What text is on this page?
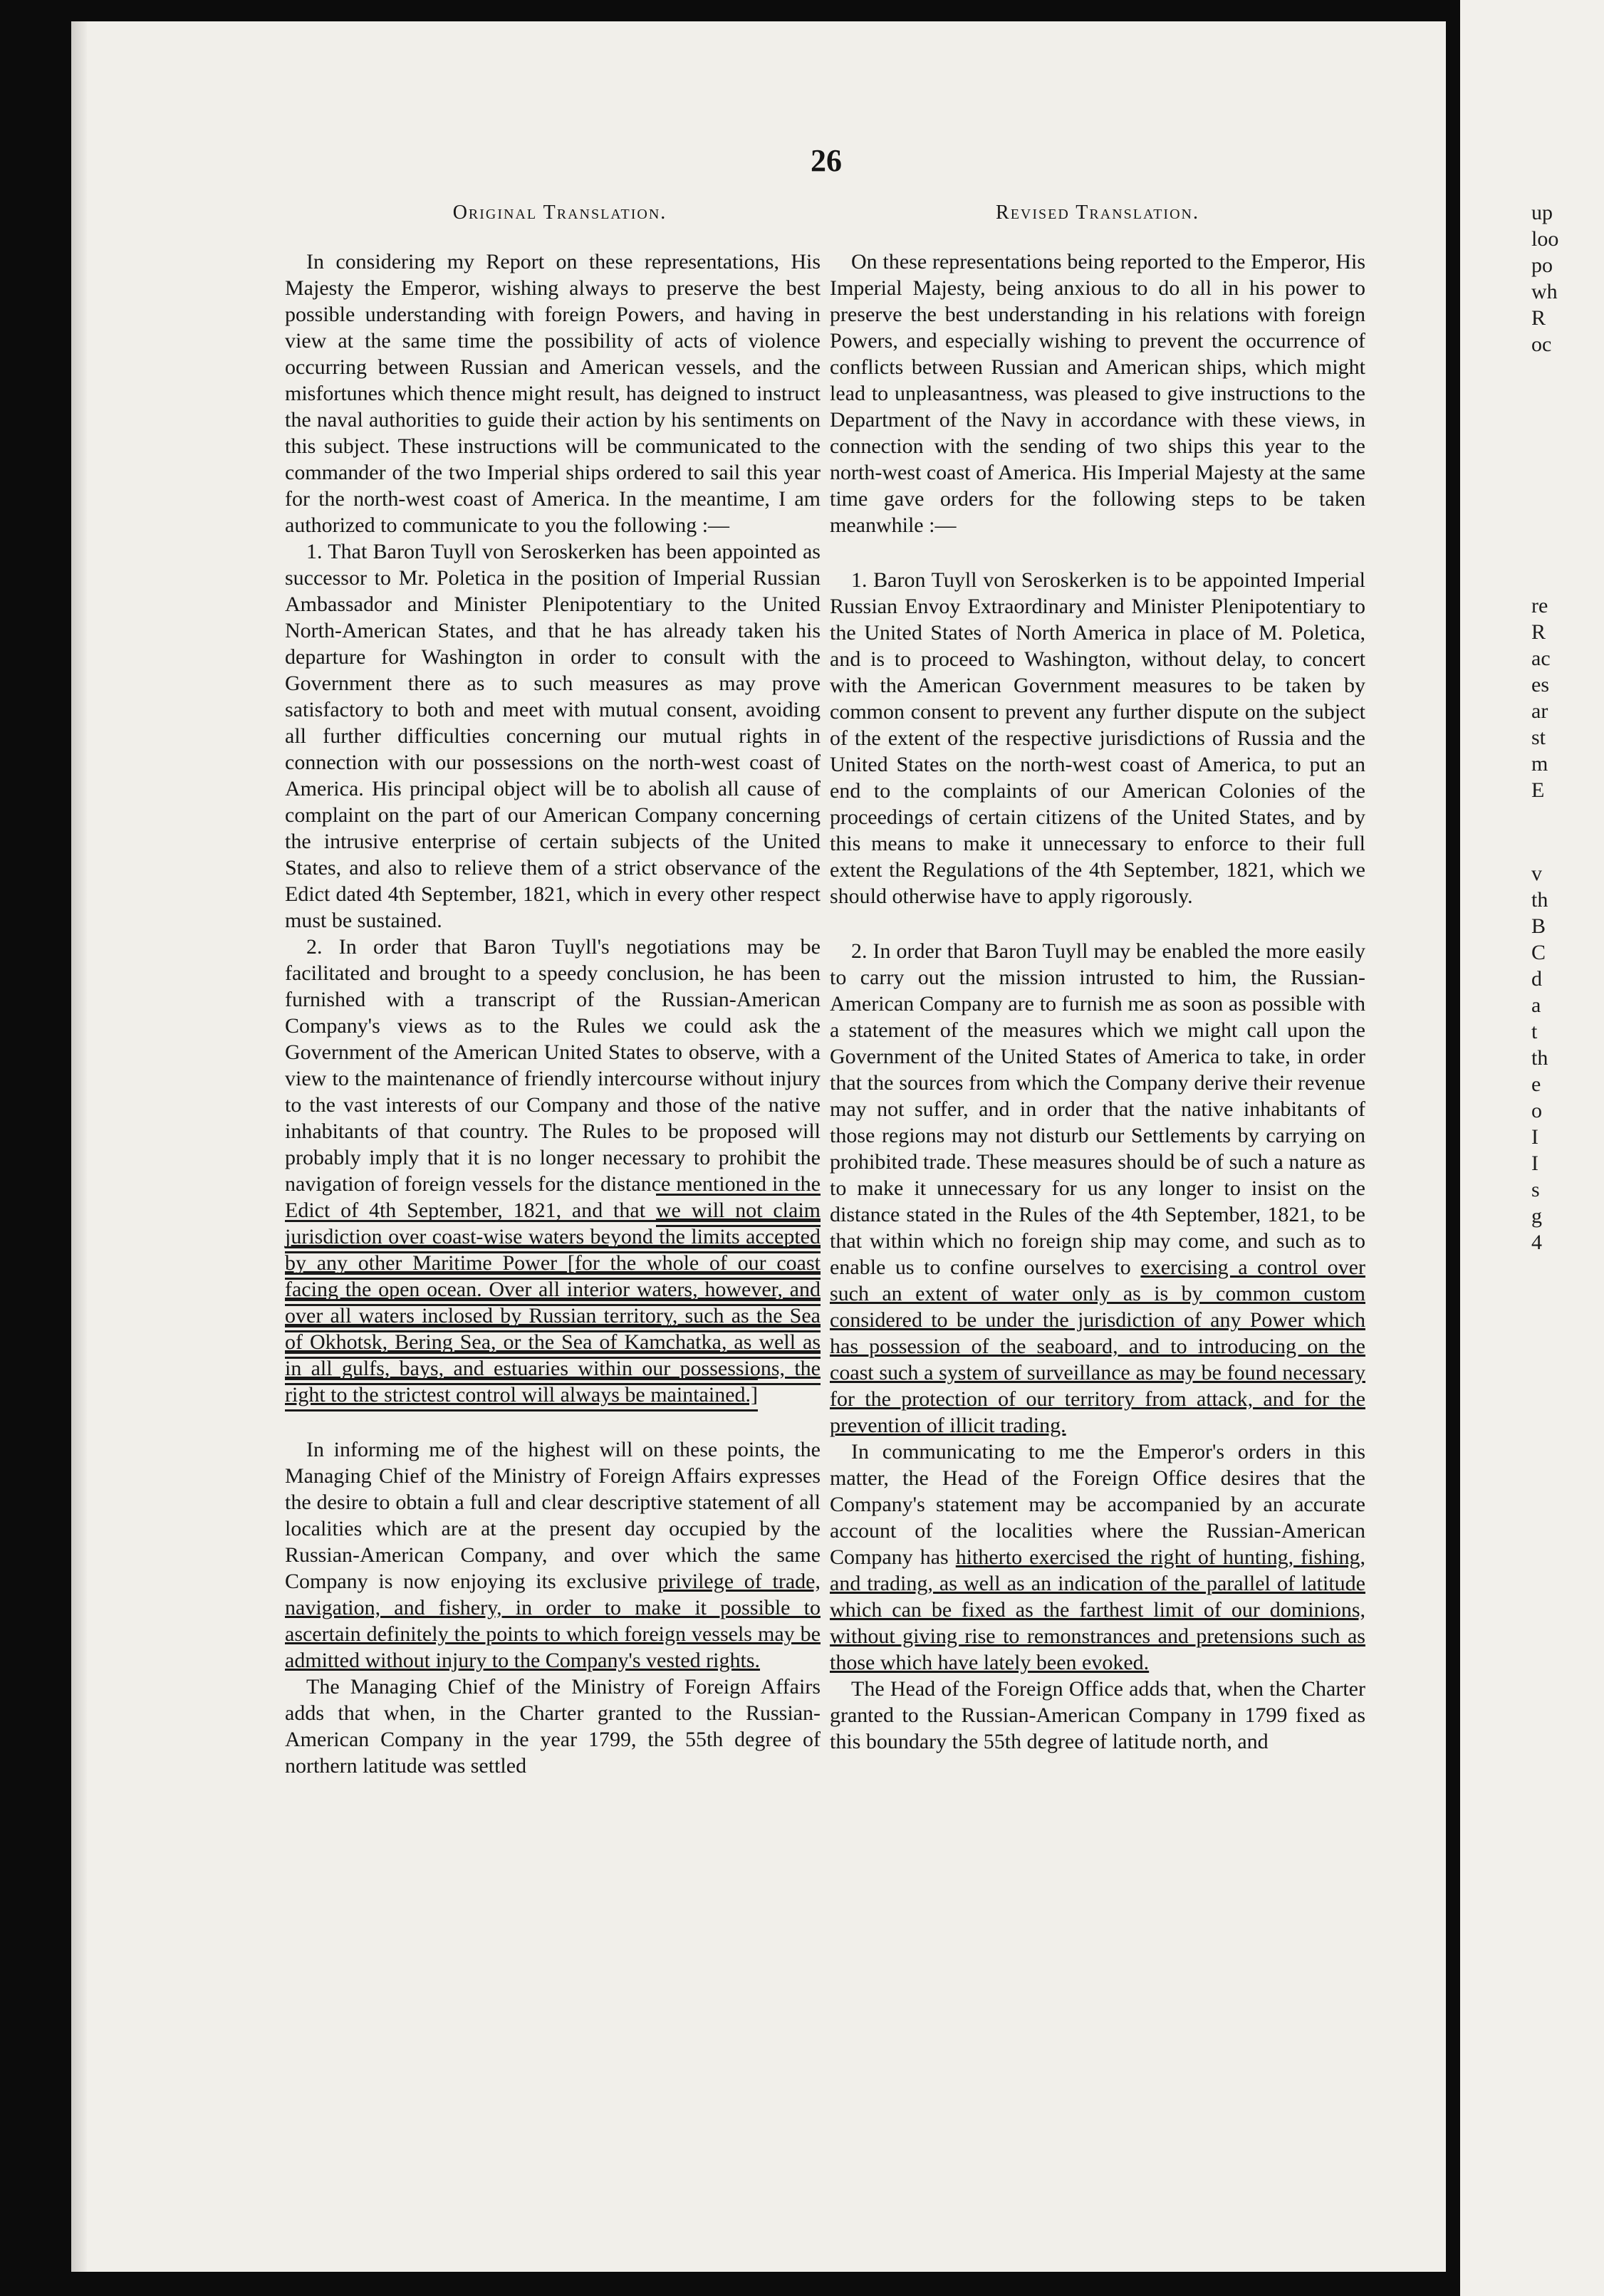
26
Original Translation.

In considering my Report on these representations, His Majesty the Emperor, wishing always to preserve the best possible understanding with foreign Powers, and having in view at the same time the possibility of acts of violence occurring between Russian and American vessels, and the misfortunes which thence might result, has deigned to instruct the naval authorities to guide their action by his sentiments on this subject. These instructions will be communicated to the commander of the two Imperial ships ordered to sail this year for the north-west coast of America. In the meantime, I am authorized to communicate to you the following :—

1. That Baron Tuyll von Seroskerken has been appointed as successor to Mr. Poletica in the position of Imperial Russian Ambassador and Minister Plenipotentiary to the United North-American States, and that he has already taken his departure for Washington in order to consult with the Government there as to such measures as may prove satisfactory to both and meet with mutual consent, avoiding all further difficulties concerning our mutual rights in connection with our possessions on the north-west coast of America. His principal object will be to abolish all cause of complaint on the part of our American Company concerning the intrusive enterprise of certain subjects of the United States, and also to relieve them of a strict observance of the Edict dated 4th September, 1821, which in every other respect must be sustained.

2. In order that Baron Tuyll's negotiations may be facilitated and brought to a speedy conclusion, he has been furnished with a transcript of the Russian-American Company's views as to the Rules we could ask the Government of the American United States to observe, with a view to the maintenance of friendly intercourse without injury to the vast interests of our Company and those of the native inhabitants of that country. The Rules to be proposed will probably imply that it is no longer necessary to prohibit the navigation of foreign vessels for the distance mentioned in the Edict of 4th September, 1821, and that we will not claim jurisdiction over coast-wise waters beyond the limits accepted by any other Maritime Power [for the whole of our coast facing the open ocean. Over all interior waters, however, and over all waters inclosed by Russian territory, such as the Sea of Okhotsk, Bering Sea, or the Sea of Kamchatka, as well as in all gulfs, bays, and estuaries within our possessions, the right to the strictest control will always be maintained.]

In informing me of the highest will on these points, the Managing Chief of the Ministry of Foreign Affairs expresses the desire to obtain a full and clear descriptive statement of all localities which are at the present day occupied by the Russian-American Company, and over which the same Company is now enjoying its exclusive privilege of trade, navigation, and fishery, in order to make it possible to ascertain definitely the points to which foreign vessels may be admitted without injury to the Company's vested rights.

The Managing Chief of the Ministry of Foreign Affairs adds that when, in the Charter granted to the Russian-American Company in the year 1799, the 55th degree of northern latitude was settled

Revised Translation.

On these representations being reported to the Emperor, His Imperial Majesty, being anxious to do all in his power to preserve the best understanding in his relations with foreign Powers, and especially wishing to prevent the occurrence of conflicts between Russian and American ships, which might lead to unpleasantness, was pleased to give instructions to the Department of the Navy in accordance with these views, in connection with the sending of two ships this year to the north-west coast of America. His Imperial Majesty at the same time gave orders for the following steps to be taken meanwhile :—

1. Baron Tuyll von Seroskerken is to be appointed Imperial Russian Envoy Extraordinary and Minister Plenipotentiary to the United States of North America in place of M. Poletica, and is to proceed to Washington, without delay, to concert with the American Government measures to be taken by common consent to prevent any further dispute on the subject of the extent of the respective jurisdictions of Russia and the United States on the north-west coast of America, to put an end to the complaints of our American Colonies of the proceedings of certain citizens of the United States, and by this means to make it unnecessary to enforce to their full extent the Regulations of the 4th September, 1821, which we should otherwise have to apply rigorously.

2. In order that Baron Tuyll may be enabled the more easily to carry out the mission intrusted to him, the Russian-American Company are to furnish me as soon as possible with a statement of the measures which we might call upon the Government of the United States of America to take, in order that the sources from which the Company derive their revenue may not suffer, and in order that the native inhabitants of those regions may not disturb our Settlements by carrying on prohibited trade. These measures should be of such a nature as to make it unnecessary for us any longer to insist on the distance stated in the Rules of the 4th September, 1821, to be that within which no foreign ship may come, and such as to enable us to confine ourselves to exercising a control over such an extent of water only as is by common custom considered to be under the jurisdiction of any Power which has possession of the seaboard, and to introducing on the coast such a system of surveillance as may be found necessary for the protection of our territory from attack, and for the prevention of illicit trading.

In communicating to me the Emperor's orders in this matter, the Head of the Foreign Office desires that the Company's statement may be accompanied by an accurate account of the localities where the Russian-American Company has hitherto exercised the right of hunting, fishing, and trading, as well as an indication of the parallel of latitude which can be fixed as the farthest limit of our dominions, without giving rise to remonstrances and pretensions such as those which have lately been evoked.

The Head of the Foreign Office adds that, when the Charter granted to the Russian-American Company in 1799 fixed as this boundary the 55th degree of latitude north, and

up
loo
po
wh
R
oc
re
R
ac
es
ar
st
m
E
v
th
B
C
d
a
t
th
e
o
I
I
s
g
4
